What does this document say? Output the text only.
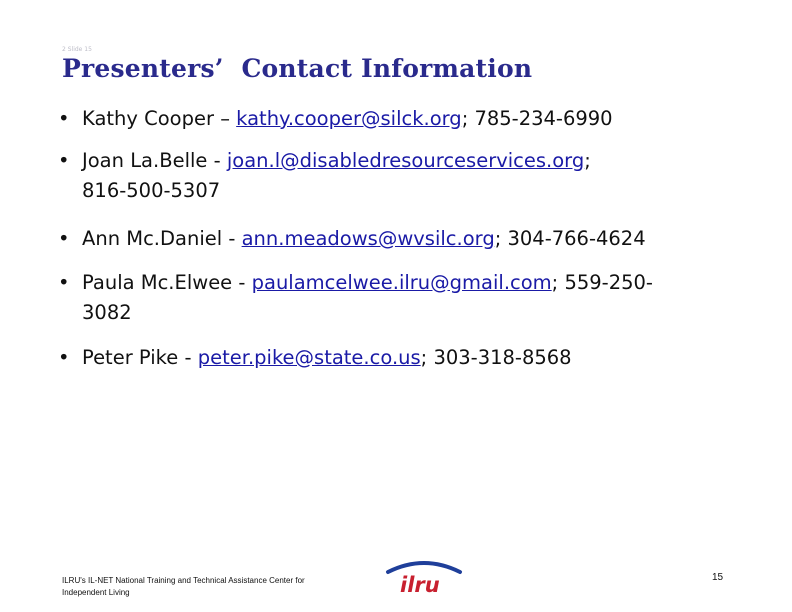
2 Slide 15
Presenters’  Contact Information
• Kathy Cooper – kathy.cooper@silck.org; 785-234-6990
• Joan La.Belle - joan.l@disabledresourceservices.org;
816-500-5307
• Ann Mc.Daniel - ann.meadows@wvsilc.org; 304-766-4624
• Paula Mc.Elwee - paulamcelwee.ilru@gmail.com; 559-250-
3082
• Peter Pike - peter.pike@state.co.us; 303-318-8568
ILRU's IL-NET National Training and Technical Assistance Center for
Independent Living	ilru	15
